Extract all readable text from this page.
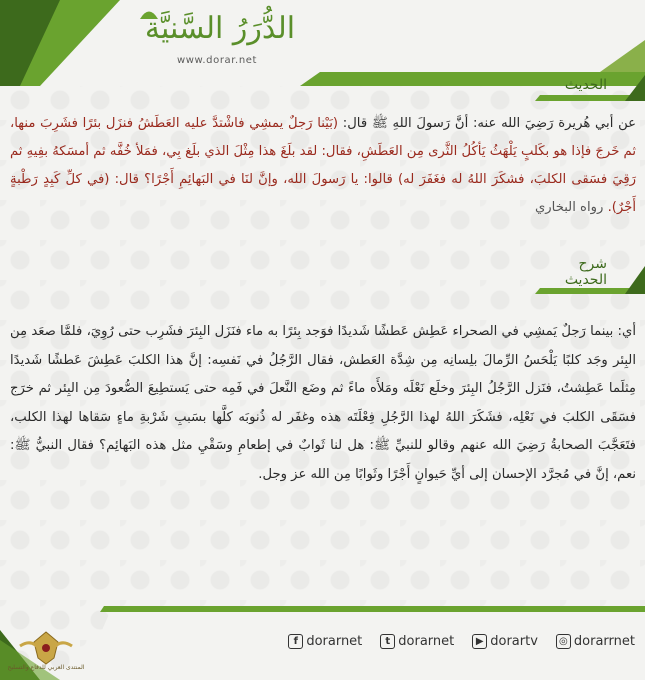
الدُّرَرُ السَّنيَّة
www.dorar.net
الحديث
عن أبي هُريرة رَضِيَ الله عنه: أنَّ رَسولَ اللهِ ﷺ قال: (بَيْنا رَجلٌ يمشِي فاشْتدَّ عليه العَطَشُ فنزَل بئرًا فشَرِبَ منها، ثم خَرجَ فإذا هو بكَلبٍ يَلْهَثُ يَأكُلُ الثَّرى مِن العَطَشِ، فقال: لقد بلَغَ هذا مِثْلَ الذي بلَغ بِي، فمَلأ خُفَّه ثم أمسَكهُ بفِيهِ ثم رَقِيَ فسَقى الكلبَ، فشكَرَ اللهُ له فغَفَرَ له) قالوا: يا رَسولَ الله، وإنَّ لنَا في البَهائِمِ أَجْرًا؟ قال: (في كلِّ كَبِدٍ رَطْبةٍ أَجْرٌ). رواه البخاري
شرح
الحديث
أي: بينما رَجلٌ يَمشِي في الصحراء عَطِش عَطشًا شَديدًا فوَجد بِئرًا به ماء فنَزَل البِئرَ فشَرِب حتى رُوِيَ، فلمَّا صعَد مِن البِئر وجَد كلبًا يَلْحَسُ الرِّمالَ بلِسانِه مِن شِدَّة العَطش، فقال الرَّجُلُ في نَفسِه: إنَّ هذا الكلبَ عَطِشَ عَطشًا شَديدًا مِثلَما عَطِشتُ، فنَزل الرَّجُلُ البِئرَ وخلَع نَعْلَه ومَلأَه ماءً ثم وضَع النَّعلَ في فَمِه حتى يَستطِيعَ الصُّعودَ مِن البِئر ثم خرَج فسَقَى الكلبَ في نَعْلِه، فشَكَرَ اللهُ لهذا الرَّجُلِ فِعْلَتَه هذه وغفَر له ذُنوبَه كلَّها بسَببِ شَرْبةِ ماءٍ سَقاها لهذا الكلب، فتَعَجَّبَ الصحابةُ رَضِيَ الله عنهم وقالو للنبيِّ ﷺ: هل لنا ثَوابٌ في إطعامِ وسَقْيِ مثل هذه البَهائِم؟ فقال النبيُّ ﷺ: نعم، إنَّ في مُجرَّد الإحسان إلى أيِّ حَيوانٍ أَجْرًا وثَوابًا مِن الله عز وجل.
f dorarnet	t dorarnet	▶ dorartv	◎ dorarrnet
المنتدى العربي للدفاع والتسليح
